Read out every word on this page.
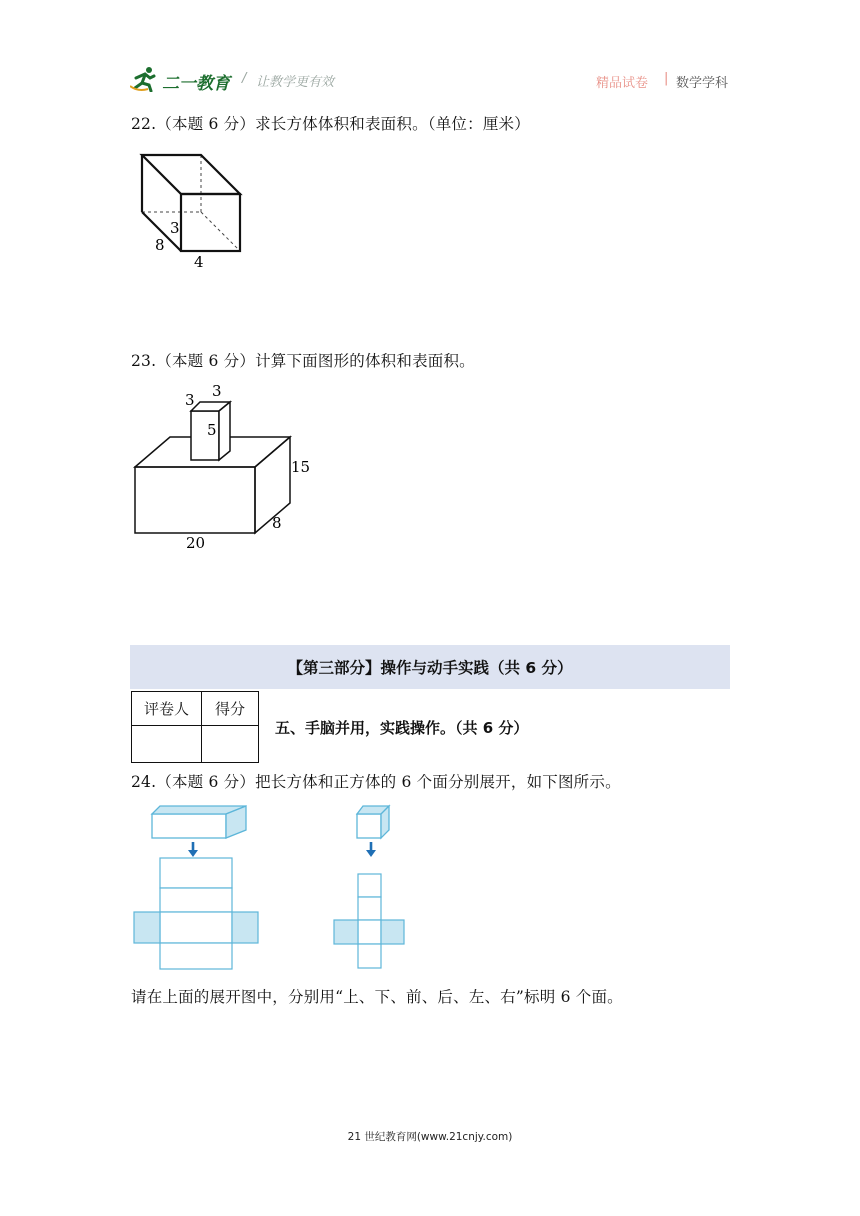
二一教育 / 让教学更有效	精品试卷 | 数学学科
22.（本题 6 分）求长方体体积和表面积。（单位：厘米）
3
8
4
23.（本题 6 分）计算下面图形的体积和表面积。
3
3
5
15
8
20
【第三部分】操作与动手实践（共 6 分）
评卷人	得分

五、手脑并用，实践操作。（共 6 分）
24.（本题 6 分）把长方体和正方体的 6 个面分别展开，如下图所示。
请在上面的展开图中，分别用“上、下、前、后、左、右”标明 6 个面。
21 世纪教育网(www.21cnjy.com)
